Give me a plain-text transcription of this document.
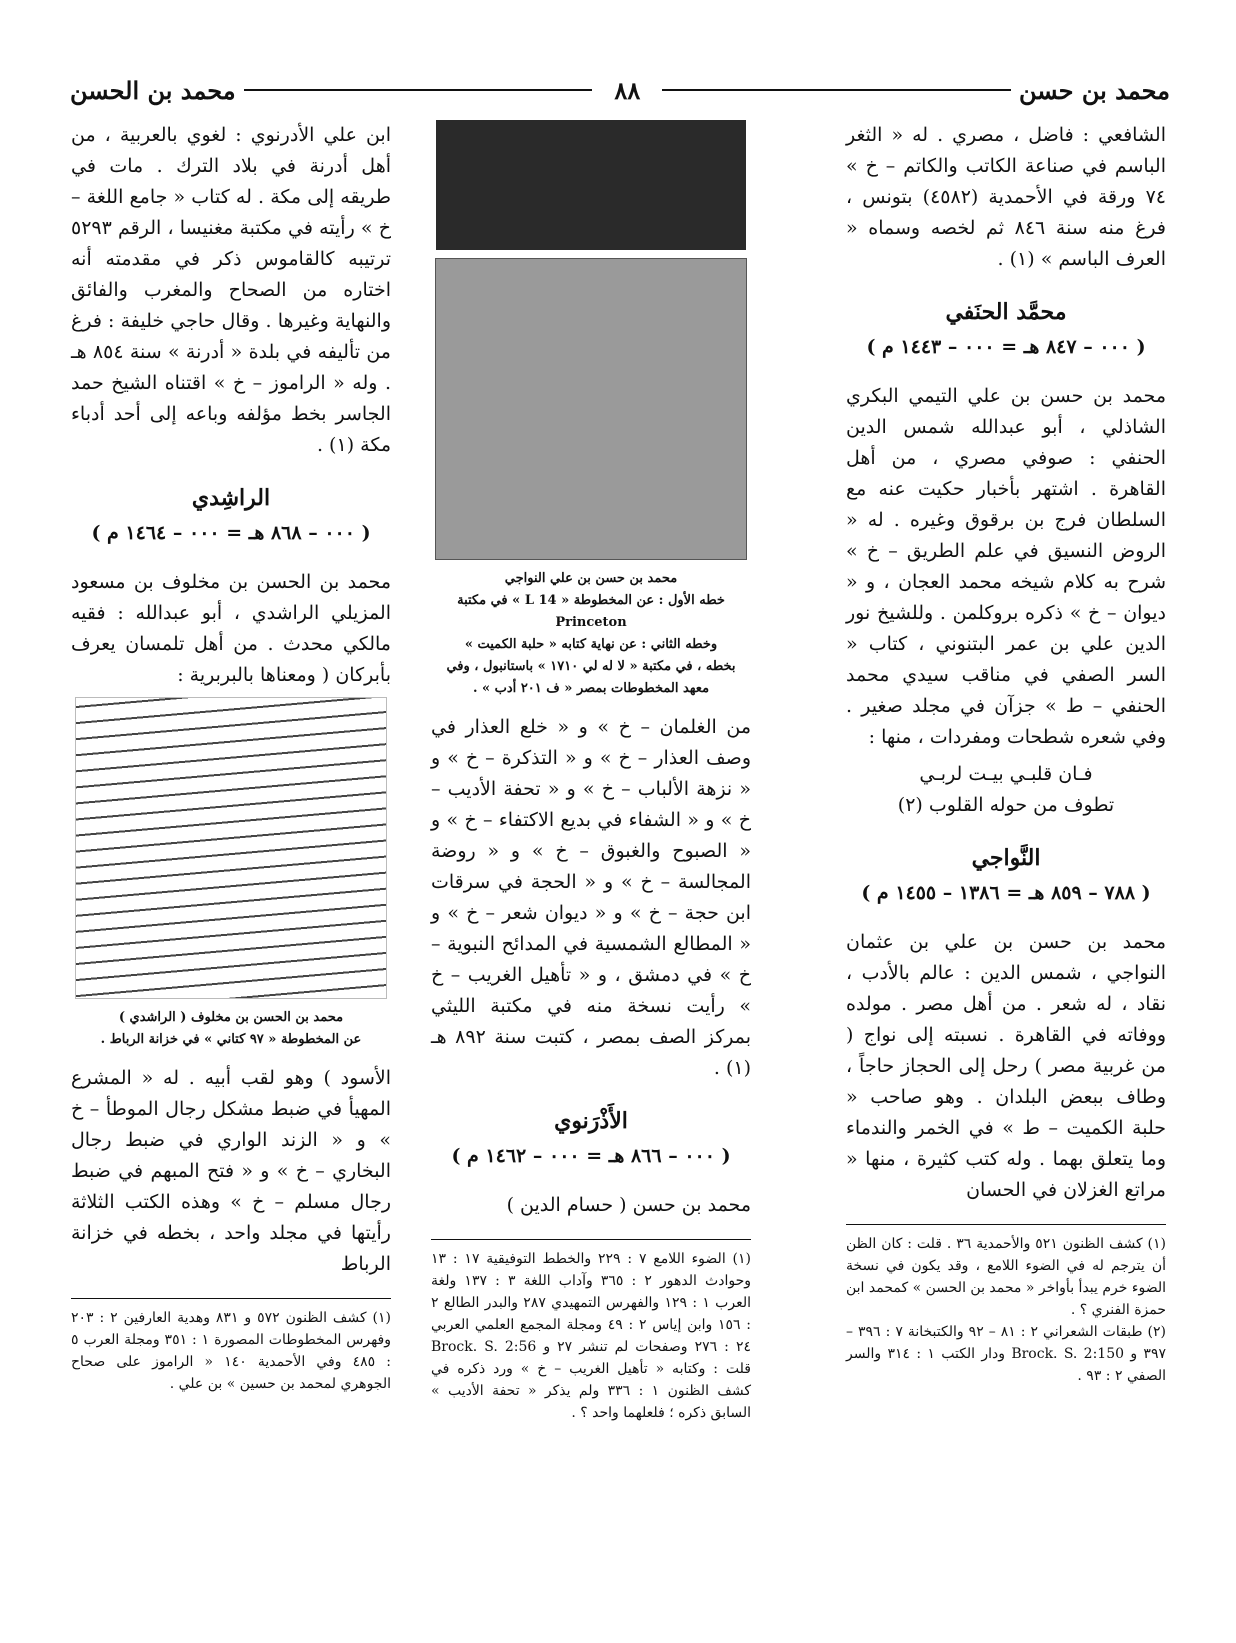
محمد بن حسن
٨٨
محمد بن الحسن

الشافعي : فاضل ، مصري . له « الثغر الباسم في صناعة الكاتب والكاتم – خ » ٧٤ ورقة في الأحمدية (٤٥٨٢) بتونس ، فرغ منه سنة ٨٤٦ ثم لخصه وسماه « العرف الباسم » (١) .

محمَّد الحنَفي
( ٠٠٠ – ٨٤٧ هـ = ٠٠٠ – ١٤٤٣ م )

محمد بن حسن بن علي التيمي البكري الشاذلي ، أبو عبدالله شمس الدين الحنفي : صوفي مصري ، من أهل القاهرة . اشتهر بأخبار حكيت عنه مع السلطان فرج بن برقوق وغيره . له « الروض النسيق في علم الطريق – خ » شرح به كلام شيخه محمد العجان ، و « ديوان – خ » ذكره بروكلمن . وللشيخ نور الدين علي بن عمر البتنوني ، كتاب « السر الصفي في مناقب سيدي محمد الحنفي – ط » جزآن في مجلد صغير . وفي شعره شطحات ومفردات ، منها :

فـان قلبـي بيـت لربـي

تطوف من حوله القلوب (٢)

النَّواجي
( ٧٨٨ – ٨٥٩ هـ = ١٣٨٦ – ١٤٥٥ م )

محمد بن حسن بن علي بن عثمان النواجي ، شمس الدين : عالم بالأدب ، نقاد ، له شعر . من أهل مصر . مولده ووفاته في القاهرة . نسبته إلى نواج ( من غربية مصر ) رحل إلى الحجاز حاجاً ، وطاف ببعض البلدان . وهو صاحب « حلبة الكميت – ط » في الخمر والندماء وما يتعلق بهما . وله كتب كثيرة ، منها « مراتع الغزلان في الحسان

(١) كشف الظنون ٥٢١ والأحمدية ٣٦ . قلت : كان الظن أن يترجم له في الضوء اللامع ، وقد يكون في نسخة الضوء خرم يبدأ بأواخر « محمد بن الحسن » كمحمد ابن حمزة الفنري ؟ .
(٢) طبقات الشعراني ٢ : ٨١ – ٩٢ والكتبخانة ٧ : ٣٩٦ – ٣٩٧ و Brock. S. 2:150 ودار الكتب ١ : ٣١٤ والسر الصفي ٢ : ٩٣ .
محمد بن حسن بن علي النواجي
خطه الأول : عن المخطوطة « 14 L » في مكتبة Princeton
وخطه الثاني : عن نهاية كتابه « حلبة الكميت »
بخطه ، في مكتبة « لا له لي ١٧١٠ » باستانبول ، وفي
معهد المخطوطات بمصر « ف ٢٠١ أدب » .

من الغلمان – خ » و « خلع العذار في وصف العذار – خ » و « التذكرة – خ » و « نزهة الألباب – خ » و « تحفة الأديب – خ » و « الشفاء في بديع الاكتفاء – خ » و « الصبوح والغبوق – خ » و « روضة المجالسة – خ » و « الحجة في سرقات ابن حجة – خ » و « ديوان شعر – خ » و « المطالع الشمسية في المدائح النبوية – خ » في دمشق ، و « تأهيل الغريب – خ » رأيت نسخة منه في مكتبة الليثي بمركز الصف بمصر ، كتبت سنة ٨٩٢ هـ (١) .

الأَذْرَنوي
( ٠٠٠ – ٨٦٦ هـ = ٠٠٠ – ١٤٦٢ م )

محمد بن حسن ( حسام الدين )

(١) الضوء اللامع ٧ : ٢٢٩ والخطط التوفيقية ١٧ : ١٣ وحوادث الدهور ٢ : ٣٦٥ وآداب اللغة ٣ : ١٣٧ ولغة العرب ١ : ١٢٩ والفهرس التمهيدي ٢٨٧ والبدر الطالع ٢ : ١٥٦ وابن إياس ٢ : ٤٩ ومجلة المجمع العلمي العربي ٢٤ : ٢٧٦ وصفحات لم تنشر ٢٧ و Brock. S. 2:56 قلت : وكتابه « تأهيل الغريب – خ » ورد ذكره في كشف الظنون ١ : ٣٣٦ ولم يذكر « تحفة الأديب » السابق ذكره ؛ فلعلهما واحد ؟ .

ابن علي الأدرنوي : لغوي بالعربية ، من أهل أدرنة في بلاد الترك . مات في طريقه إلى مكة . له كتاب « جامع اللغة – خ » رأيته في مكتبة مغنيسا ، الرقم ٥٢٩٣ ترتيبه كالقاموس ذكر في مقدمته أنه اختاره من الصحاح والمغرب والفائق والنهاية وغيرها . وقال حاجي خليفة : فرغ من تأليفه في بلدة « أدرنة » سنة ٨٥٤ هـ . وله « الراموز – خ » اقتناه الشيخ حمد الجاسر بخط مؤلفه وباعه إلى أحد أدباء مكة (١) .

الراشِدي
( ٠٠٠ – ٨٦٨ هـ = ٠٠٠ – ١٤٦٤ م )

محمد بن الحسن بن مخلوف بن مسعود المزيلي الراشدي ، أبو عبدالله : فقيه مالكي محدث . من أهل تلمسان يعرف بأبركان ( ومعناها بالبربرية :

محمد بن الحسن بن مخلوف ( الراشدي )
عن المخطوطة « ٩٧ كتاني » في خزانة الرباط .

الأسود ) وهو لقب أبيه . له « المشرع المهيأ في ضبط مشكل رجال الموطأ – خ » و « الزند الواري في ضبط رجال البخاري – خ » و « فتح المبهم في ضبط رجال مسلم – خ » وهذه الكتب الثلاثة رأيتها في مجلد واحد ، بخطه في خزانة الرباط

(١) كشف الظنون ٥٧٢ و ٨٣١ وهدية العارفين ٢ : ٢٠٣ وفهرس المخطوطات المصورة ١ : ٣٥١ ومجلة العرب ٥ : ٤٨٥ وفي الأحمدية ١٤٠ « الراموز على صحاح الجوهري لمحمد بن حسين » بن علي .
